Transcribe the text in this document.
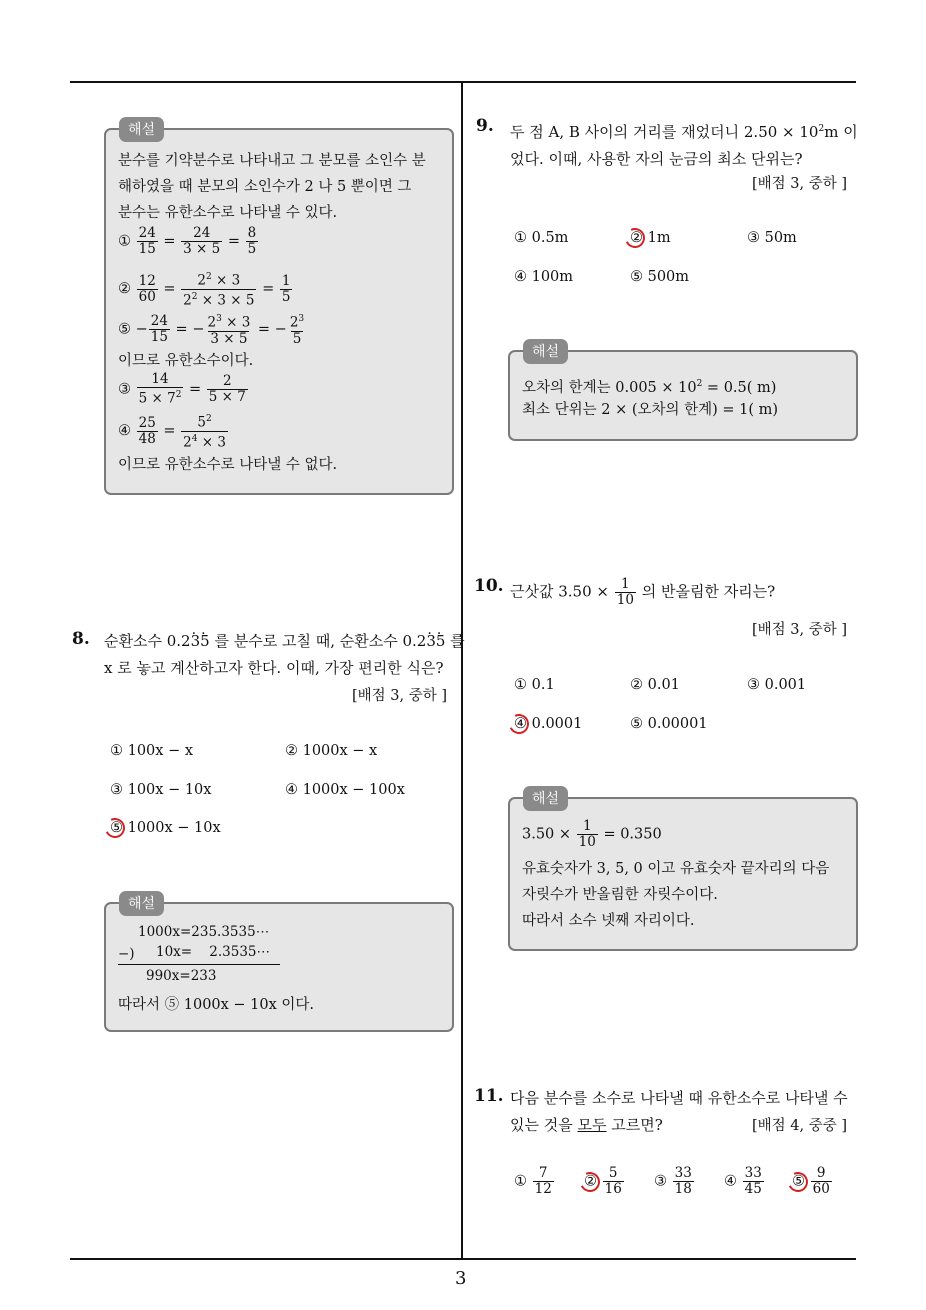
3
분수를 기약분수로 나타내고 그 분모를 소인수 분
해하였을 때 분모의 소인수가 2 나 5 뿐이면 그
분수는 유한소수로 나타낼 수 있다.
① $\frac{24}{15} = \frac{24}{3 \times 5} = \frac{8}{5}$
② $\frac{12}{60} = \frac{2^2 \times 3}{2^2 \times 3 \times 5} = \frac{1}{5}$
⑤ − $\frac{24}{15}$ = − $\frac{2^3 \times 3}{3 \times 5}$ = − $\frac{2^3}{5}$
이므로 유한소수이다.
③ $\frac{14}{5 \times 7^2} = \frac{2}{5 \times 7}$
④ $\frac{25}{48} = \frac{5^2}{2^4 \times 3}$
이므로 유한소수로 나타낼 수 없다.
해설
8. 순환소수 0.2· 3· 5 를 분수로 고칠 때, 순환소수 0.2· 3· 5 를
x 로 놓고 계산하고자 한다. 이때, 가장 편리한 식은?
[배점 3, 중하 ]
① 100x − x	② 1000x − x
③ 100x − 10x	④ 1000x − 100x
⑤ 1000x − 10x
1000x=235.3535⋯
−) 10x=    2.3535⋯
990x=233
따라서 ⑤ 1000x − 10x 이다.
해설
9. 두 점 A, B 사이의 거리를 재었더니 $2.50 \times 10^2m$ 이
었다. 이때, 사용한 자의 눈금의 최소 단위는?
[배점 3, 중하 ]
① 0.5m	② 1m	③ 50m
④ 100m	⑤ 500m
오차의 한계는 $0.005 \times 10^2 = 0.5$( m)
최소 단위는 2 × (오차의 한계) = 1( m)
해설
10. 근삿값 $3.50 \times \frac{1}{10}$ 의 반올림한 자리는?
[배점 3, 중하 ]
① 0.1	② 0.01	③ 0.001
④ 0.0001	⑤ 0.00001
$3.50 \times \frac{1}{10} = 0.350$
유효숫자가 3, 5, 0 이고 유효숫자 끝자리의 다음
자릿수가 반올림한 자릿수이다.
따라서 소수 넷째 자리이다.
해설
11. 다음 분수를 소수로 나타낼 때 유한소수로 나타낼 수
있는 것을 모두 고르면?	[배점 4, 중중 ]
① $\frac{7}{12}$ ② $\frac{5}{16}$ ③ $\frac{33}{18}$ ④ $\frac{33}{45}$ ⑤ $\frac{9}{60}$
